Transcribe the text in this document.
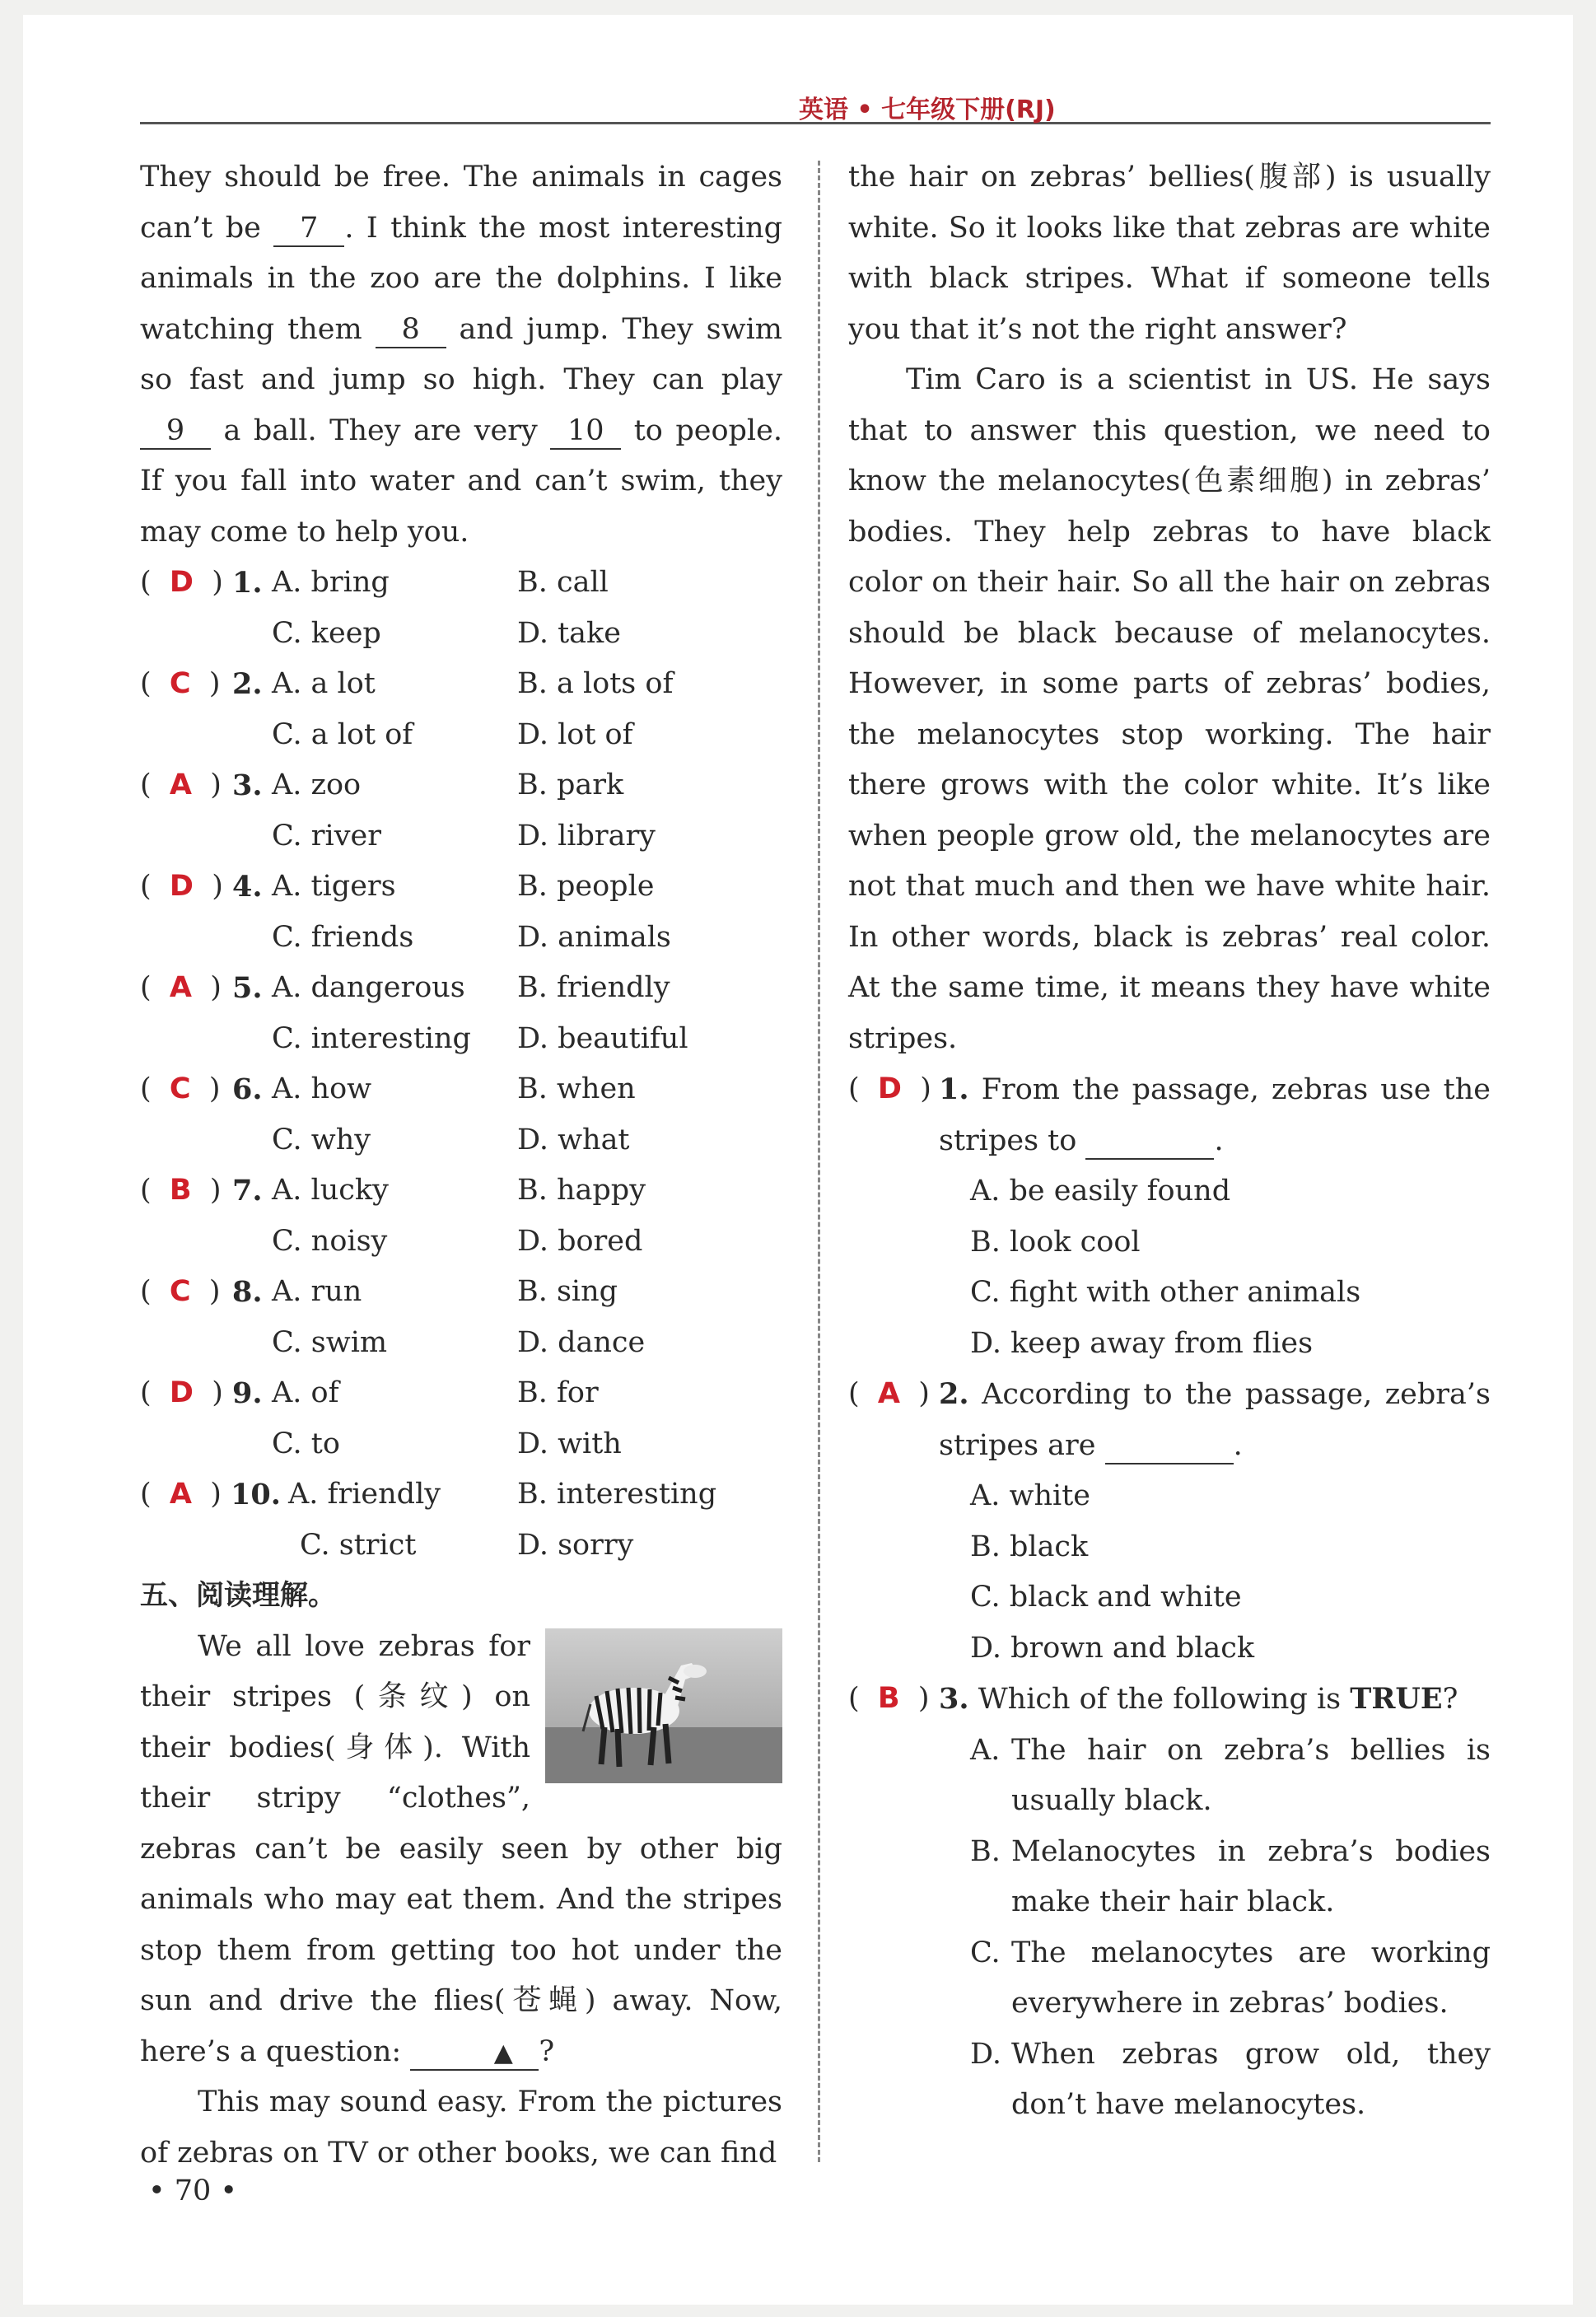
英语 • 七年级下册(RJ)

They should be free. The animals in cages can’t be 7 . I think the most interesting animals in the zoo are the dolphins. I like watching them 8 and jump. They swim so fast and jump so high. They can play 9 a ball. They are very 10 to people. If you fall into water and can’t swim, they may come to help you.

(  D  ) 1. A. bring	B. call
C. keep	D. take
(  C  ) 2. A. a lot	B. a lots of
C. a lot of	D. lot of
(  A  ) 3. A. zoo	B. park
C. river	D. library
(  D  ) 4. A. tigers	B. people
C. friends	D. animals
(  A  ) 5. A. dangerous B. friendly
C. interesting D. beautiful
(  C  ) 6. A. how	B. when
C. why	D. what
(  B  ) 7. A. lucky	B. happy
C. noisy	D. bored
(  C  ) 8. A. run	B. sing
C. swim	D. dance
(  D  ) 9. A. of	B. for
C. to	D. with
(  A  ) 10. A. friendly	B. interesting
C. strict	D. sorry
五、阅读理解。

We all love zebras for their stripes (条纹) on their bodies(身体). With their stripy “clothes”, zebras can’t be easily seen by other big animals who may eat them. And the stripes stop them from getting too hot under the sun and drive the flies(苍蝇) away. Now, here’s a question:	▲ ?

This may sound easy. From the pictures of zebras on TV or other books, we can find

the hair on zebras’ bellies(腹部) is usually white. So it looks like that zebras are white with black stripes. What if someone tells you that it’s not the right answer?

Tim Caro is a scientist in US. He says that to answer this question, we need to know the melanocytes(色素细胞) in zebras’ bodies. They help zebras to have black color on their hair. So all the hair on zebras should be black because of melanocytes. However, in some parts of zebras’ bodies, the melanocytes stop working. The hair there grows with the color white. It’s like when people grow old, the melanocytes are not that much and then we have white hair. In other words, black is zebras’ real color. At the same time, it means they have white stripes.

(  D  ) 1. From the passage, zebras use the stripes to	.
A. be easily found
B. look cool
C. fight with other animals
D. keep away from flies
(  A  ) 2. According to the passage, zebra’s stripes are	.
A. white
B. black
C. black and white
D. brown and black
(  B  ) 3. Which of the following is TRUE?
A. The hair on zebra’s bellies is usually black.
B. Melanocytes in zebra’s bodies make their hair black.
C. The melanocytes are working everywhere in zebras’ bodies.
D. When zebras grow old, they don’t have melanocytes.
• 70 •
